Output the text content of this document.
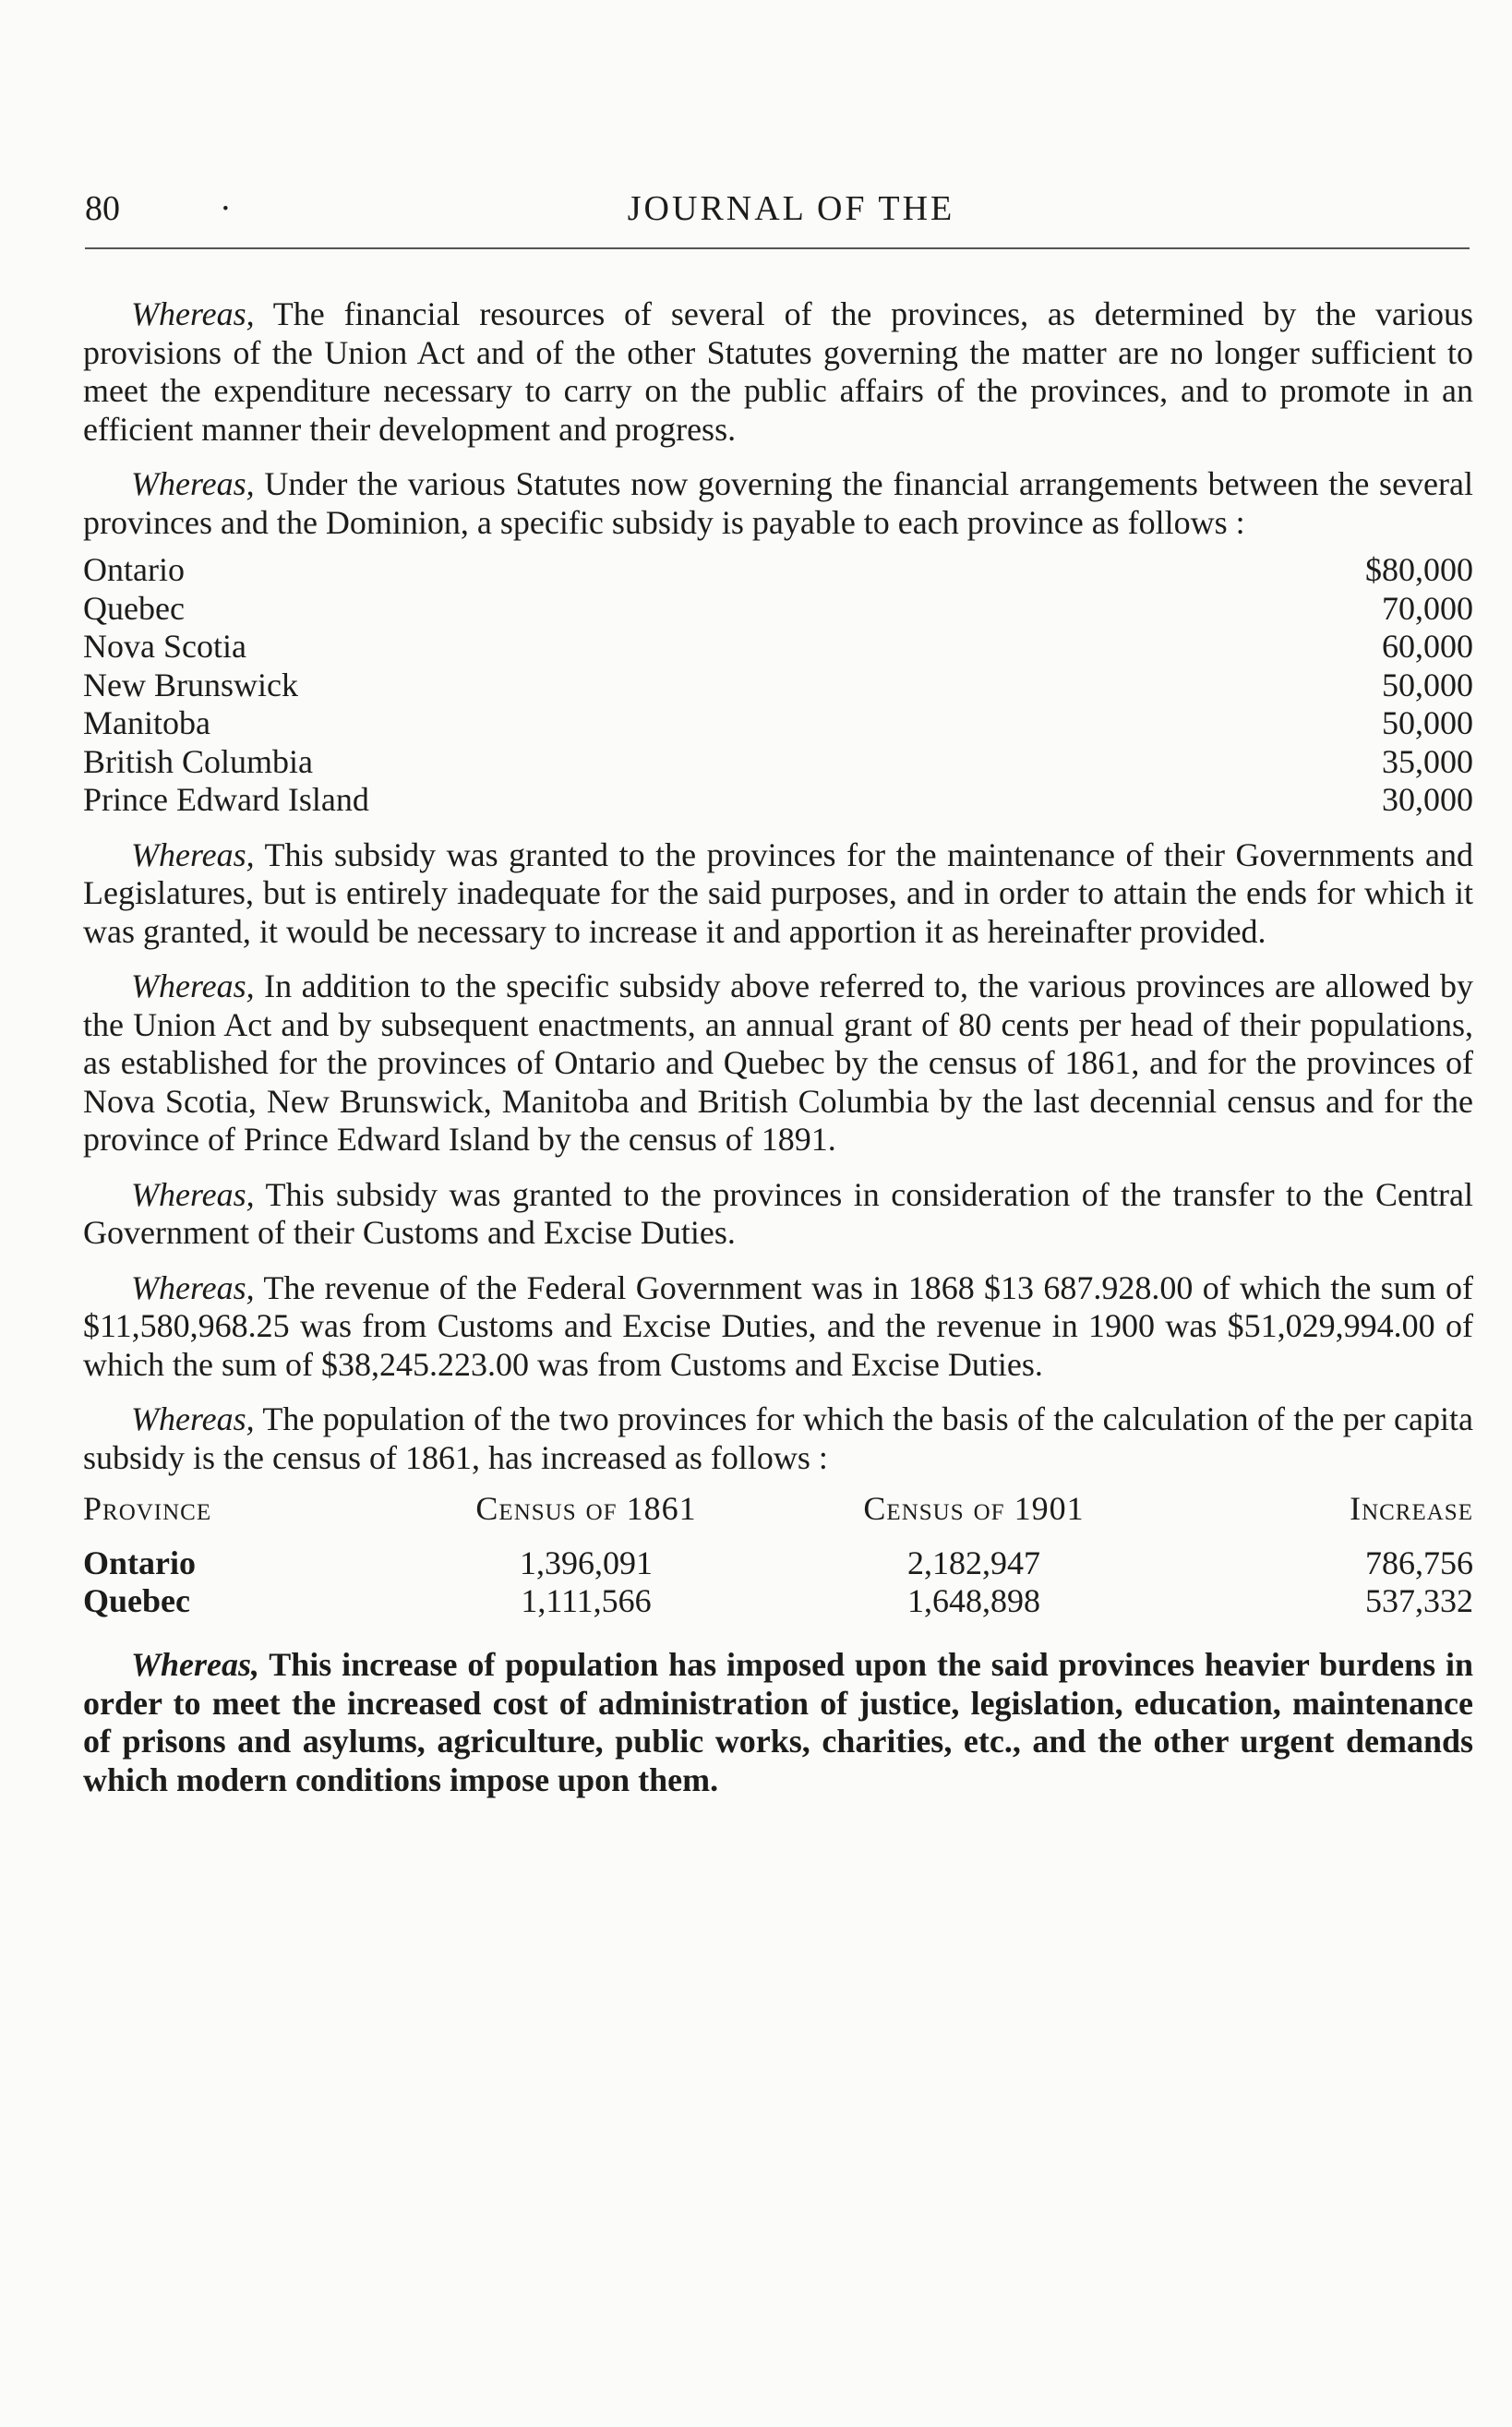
80	·	JOURNAL OF THE

Whereas, The financial resources of several of the provinces, as determined by the various provisions of the Union Act and of the other Statutes governing the matter are no longer sufficient to meet the expenditure necessary to carry on the public affairs of the provinces, and to promote in an efficient manner their development and progress.

Whereas, Under the various Statutes now governing the financial arrangements between the several provinces and the Dominion, a specific subsidy is payable to each province as follows :

Ontario	$80,000
Quebec	70,000
Nova Scotia	60,000
New Brunswick	50,000
Manitoba	50,000
British Columbia	35,000
Prince Edward Island	30,000

Whereas, This subsidy was granted to the provinces for the maintenance of their Governments and Legislatures, but is entirely inadequate for the said purposes, and in order to attain the ends for which it was granted, it would be necessary to increase it and apportion it as hereinafter provided.

Whereas, In addition to the specific subsidy above referred to, the various provinces are allowed by the Union Act and by subsequent enactments, an annual grant of 80 cents per head of their populations, as established for the provinces of Ontario and Quebec by the census of 1861, and for the provinces of Nova Scotia, New Brunswick, Manitoba and British Columbia by the last decennial census and for the province of Prince Edward Island by the census of 1891.

Whereas, This subsidy was granted to the provinces in consideration of the transfer to the Central Government of their Customs and Excise Duties.

Whereas, The revenue of the Federal Government was in 1868 $13 687.928.00 of which the sum of $11,580,968.25 was from Customs and Excise Duties, and the revenue in 1900 was $51,029,994.00 of which the sum of $38,245.223.00 was from Customs and Excise Duties.

Whereas, The population of the two provinces for which the basis of the calculation of the per capita subsidy is the census of 1861, has increased as follows :

Province	Census of 1861	Census of 1901	Increase
Ontario	1,396,091	2,182,947	786,756
Quebec	1,111,566	1,648,898	537,332

Whereas, This increase of population has imposed upon the said provinces heavier burdens in order to meet the increased cost of administration of justice, legislation, education, maintenance of prisons and asylums, agriculture, public works, charities, etc., and the other urgent demands which modern conditions impose upon them.
